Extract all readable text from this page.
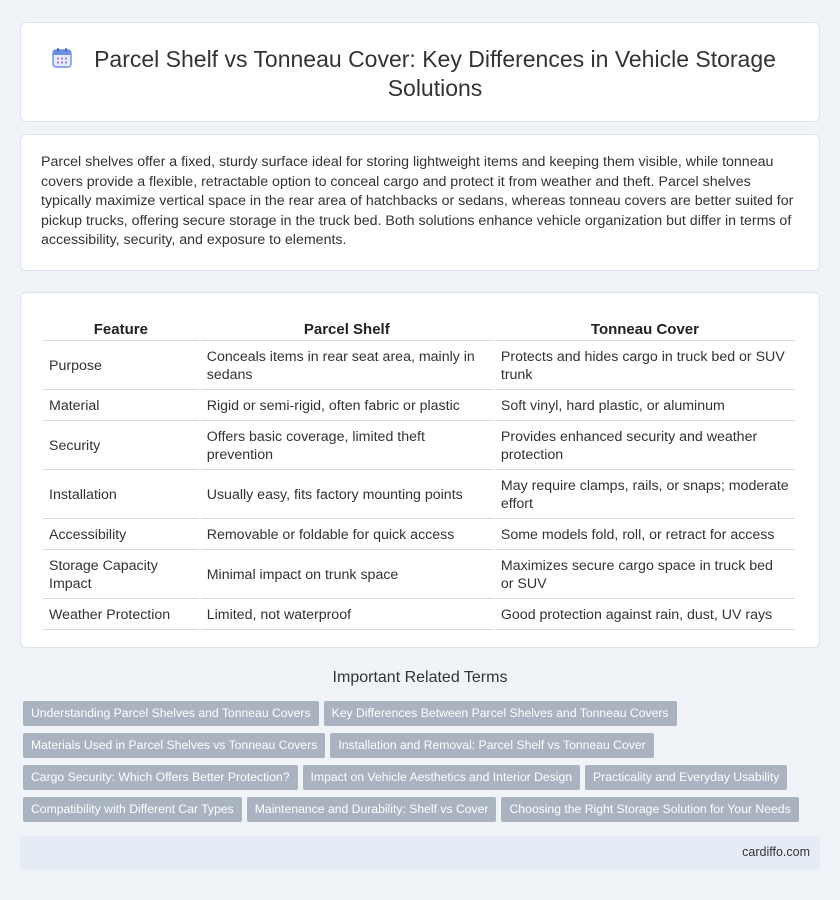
Parcel Shelf vs Tonneau Cover: Key Differences in Vehicle Storage Solutions

Parcel shelves offer a fixed, sturdy surface ideal for storing lightweight items and keeping them visible, while tonneau covers provide a flexible, retractable option to conceal cargo and protect it from weather and theft. Parcel shelves typically maximize vertical space in the rear area of hatchbacks or sedans, whereas tonneau covers are better suited for pickup trucks, offering secure storage in the truck bed. Both solutions enhance vehicle organization but differ in terms of accessibility, security, and exposure to elements.

Feature	Parcel Shelf	Tonneau Cover
Purpose	Conceals items in rear seat area, mainly in sedans	Protects and hides cargo in truck bed or SUV trunk
Material	Rigid or semi-rigid, often fabric or plastic	Soft vinyl, hard plastic, or aluminum
Security	Offers basic coverage, limited theft prevention	Provides enhanced security and weather protection
Installation	Usually easy, fits factory mounting points	May require clamps, rails, or snaps; moderate effort
Accessibility	Removable or foldable for quick access	Some models fold, roll, or retract for access
Storage Capacity Impact	Minimal impact on trunk space	Maximizes secure cargo space in truck bed or SUV
Weather Protection	Limited, not waterproof	Good protection against rain, dust, UV rays
Important Related Terms
Understanding Parcel Shelves and Tonneau Covers Key Differences Between Parcel Shelves and Tonneau Covers
Materials Used in Parcel Shelves vs Tonneau Covers Installation and Removal: Parcel Shelf vs Tonneau Cover
Cargo Security: Which Offers Better Protection? Impact on Vehicle Aesthetics and Interior Design Practicality and Everyday Usability
Compatibility with Different Car Types Maintenance and Durability: Shelf vs Cover Choosing the Right Storage Solution for Your Needs
cardiffo.com
